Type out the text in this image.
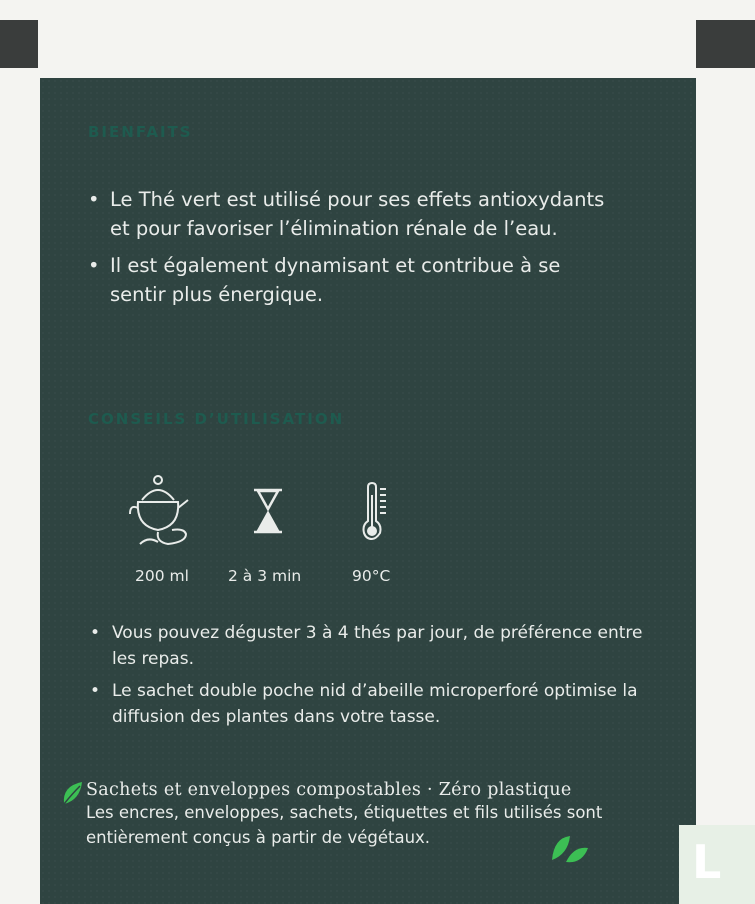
BIENFAITS
• Le Thé vert est utilisé pour ses effets antioxydants et pour favoriser l’élimination rénale de l’eau.
• Il est également dynamisant et contribue à se sentir plus énergique.
CONSEILS D’UTILISATION
200 ml	2 à 3 min	90°C
• Vous pouvez déguster 3 à 4 thés par jour, de préférence entre les repas.
• Le sachet double poche nid d’abeille microperforé optimise la diffusion des plantes dans votre tasse.
Sachets et enveloppes compostables · Zéro plastique
Les encres, enveloppes, sachets, étiquettes et fils utilisés sont entièrement conçus à partir de végétaux.	L
